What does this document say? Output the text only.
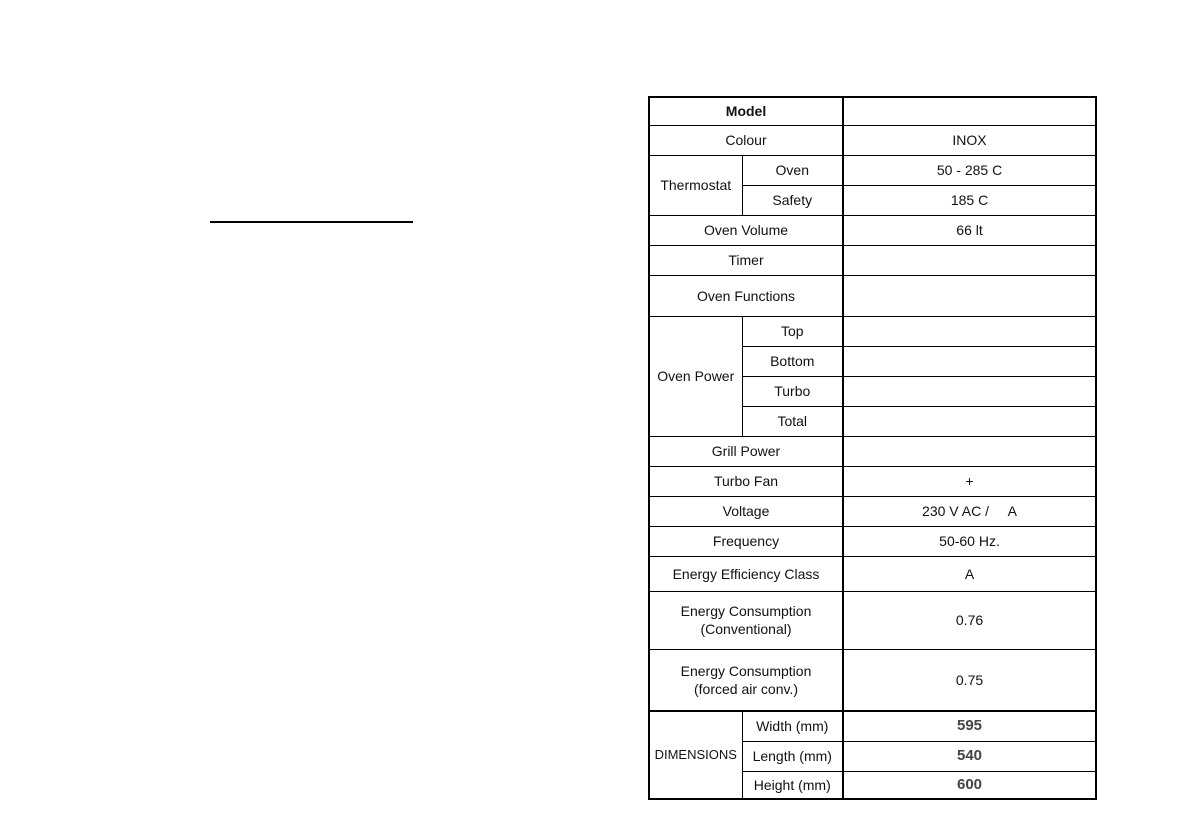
Model		
Colour		INOX
Thermostat	Oven	50 - 285 C
	Safety	185 C
Oven Volume		66 lt
Timer		
Oven Functions		
Oven Power	Top	
	Bottom	
	Turbo	
	Total	
Grill Power		
Turbo Fan		+
Voltage		230 V AC /     A
Frequency		50-60 Hz.
Energy Efficiency Class		A

Energy Consumption
(Conventional)		0.76

Energy Consumption
(forced air conv.)		0.75
DIMENSIONS	Width (mm)	595
	Length (mm)	540
	Height (mm)	600
